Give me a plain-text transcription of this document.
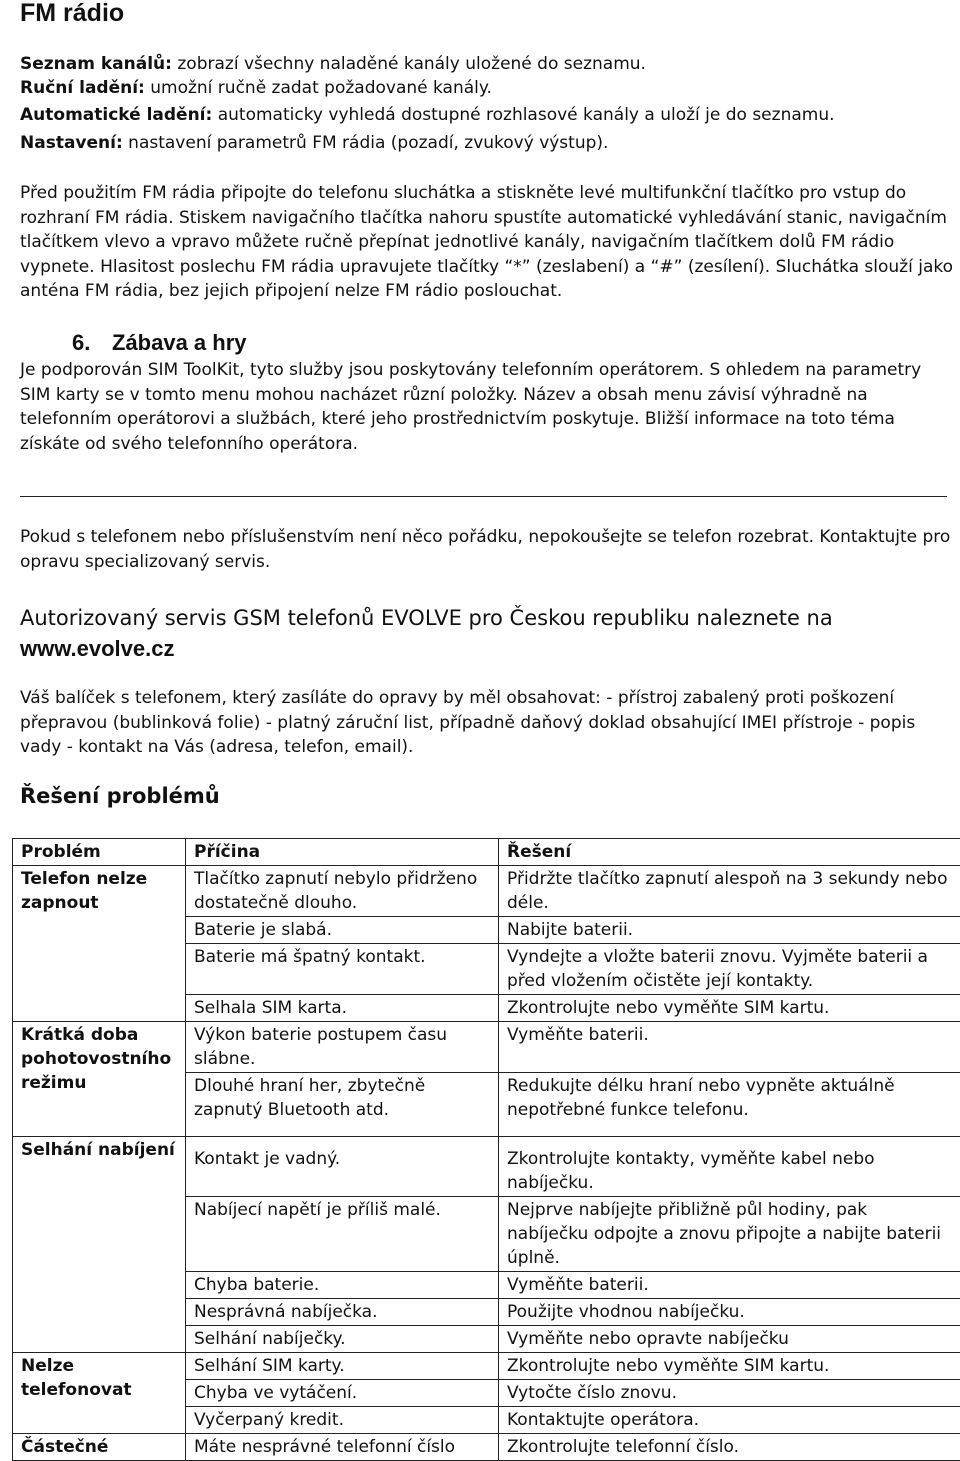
FM rádio
Seznam kanálů: zobrazí všechny naladěné kanály uložené do seznamu.
Ruční ladění: umožní ručně zadat požadované kanály.
Automatické ladění: automaticky vyhledá dostupné rozhlasové kanály a uloží je do seznamu.
Nastavení: nastavení parametrů FM rádia (pozadí, zvukový výstup).
Před použitím FM rádia připojte do telefonu sluchátka a stiskněte levé multifunkční tlačítko pro vstup do rozhraní FM rádia. Stiskem navigačního tlačítka nahoru spustíte automatické vyhledávání stanic, navigačním tlačítkem vlevo a vpravo můžete ručně přepínat jednotlivé kanály, navigačním tlačítkem dolů FM rádio vypnete. Hlasitost poslechu FM rádia upravujete tlačítky “*” (zeslabení) a “#” (zesílení). Sluchátka slouží jako anténa FM rádia, bez jejich připojení nelze FM rádio poslouchat.
6. Zábava a hry
Je podporován SIM ToolKit, tyto služby jsou poskytovány telefonním operátorem. S ohledem na parametry SIM karty se v tomto menu mohou nacházet různí položky. Název a obsah menu závisí výhradně na telefonním operátorovi a službách, které jeho prostřednictvím poskytuje. Bližší informace na toto téma získáte od svého telefonního operátora.
Pokud s telefonem nebo příslušenstvím není něco pořádku, nepokoušejte se telefon rozebrat. Kontaktujte pro opravu specializovaný servis.
Autorizovaný servis GSM telefonů EVOLVE pro Českou republiku naleznete na
www.evolve.cz
Váš balíček s telefonem, který zasíláte do opravy by měl obsahovat: - přístroj zabalený proti poškození přepravou (bublinková folie) - platný záruční list, případně daňový doklad obsahující IMEI přístroje - popis vady - kontakt na Vás (adresa, telefon, email).
Řešení problémů
Problém	Příčina	Řešení
Telefon nelze zapnout	Tlačítko zapnutí nebylo přidrženo dostatečně dlouho.	Přidržte tlačítko zapnutí alespoň na 3 sekundy nebo déle.
	Baterie je slabá.	Nabijte baterii.
	Baterie má špatný kontakt.	Vyndejte a vložte baterii znovu. Vyjměte baterii a před vložením očistěte její kontakty.
	Selhala SIM karta.	Zkontrolujte nebo vyměňte SIM kartu.
Krátká doba pohotovostního režimu	Výkon baterie postupem času slábne.	Vyměňte baterii.
	Dlouhé hraní her, zbytečně zapnutý Bluetooth atd.	Redukujte délku hraní nebo vypněte aktuálně nepotřebné funkce telefonu.
Selhání nabíjení	Kontakt je vadný.	Zkontrolujte kontakty, vyměňte kabel nebo nabíječku.
	Nabíjecí napětí je příliš malé.	Nejprve nabíjejte přibližně půl hodiny, pak nabíječku odpojte a znovu připojte a nabijte baterii úplně.
	Chyba baterie.	Vyměňte baterii.
	Nesprávná nabíječka.	Použijte vhodnou nabíječku.
	Selhání nabíječky.	Vyměňte nebo opravte nabíječku
Nelze telefonovat	Selhání SIM karty.	Zkontrolujte nebo vyměňte SIM kartu.
	Chyba ve vytáčení.	Vytočte číslo znovu.
	Vyčerpaný kredit.	Kontaktujte operátora.
Částečné	Máte nesprávné telefonní číslo	Zkontrolujte telefonní číslo.
